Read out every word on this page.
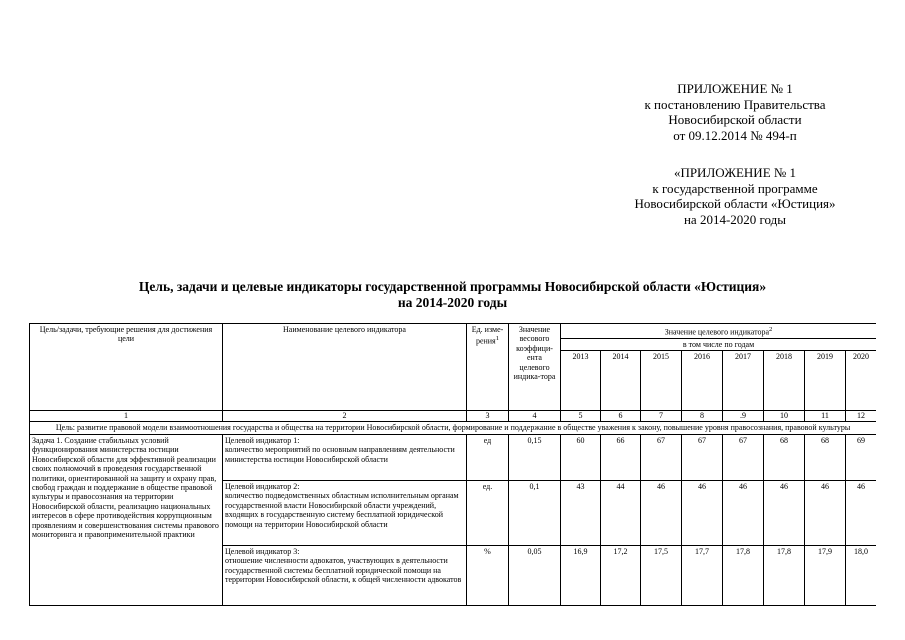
ПРИЛОЖЕНИЕ № 1
к постановлению Правительства
Новосибирской области
от 09.12.2014 № 494-п
«ПРИЛОЖЕНИЕ № 1
к государственной программе
Новосибирской области «Юстиция»
на 2014-2020 годы
Цель, задачи и целевые индикаторы государственной программы Новосибирской области «Юстиция»
на 2014-2020 годы
Цель/задачи, требующие решения для достижения цели	Наименование целевого индикатора	Ед. изме-рения$^1$	Значение весового коэффици-ента целевого индика-тора	Значение целевого индикатора$^2$
				в том числе по годам							
				2013	2014	2015	2016	2017	2018	2019	2020
1	2	3	4	5	6	7	8	.9	10	11	12
Цель: развитие правовой модели взаимоотношения государства и общества на территории Новосибирской области, формирование и поддержание в обществе уважения к закону, повышение уровня правосознания, правовой культуры											
Задача 1. Создание стабильных условий функционирования министерства юстиции Новосибирской области для эффективной реализации своих полномочий в проведения государственной политики, ориентированной на защиту и охрану прав, свобод граждан и поддержание в обществе правовой культуры и правосознания на территории Новосибирской области, реализацию национальных интересов в сфере противодействия коррупционным проявлениям и совершенствования системы правового мониторинга и правоприменительной практики	Целевой индикатор 1:
количество мероприятий по основным направлениям деятельности министерства юстиции Новосибирской области	ед	0,15	60	66	67	67	67	68	68	69

	Целевой индикатор 2:
количество подведомственных областным исполнительным органам государственной власти Новосибирской области учреждений, входящих в государственную систему бесплатной юридической помощи на территории Новосибирской области	ед.	0,1	43	44	46	46	46	46	46	46

	Целевой индикатор 3:
отношение численности адвокатов, участвующих в деятельности государственной системы бесплатной юридической помощи на территории Новосибирской области, к общей численности адвокатов	%	0,05	16,9	17,2	17,5	17,7	17,8	17,8	17,9	18,0
